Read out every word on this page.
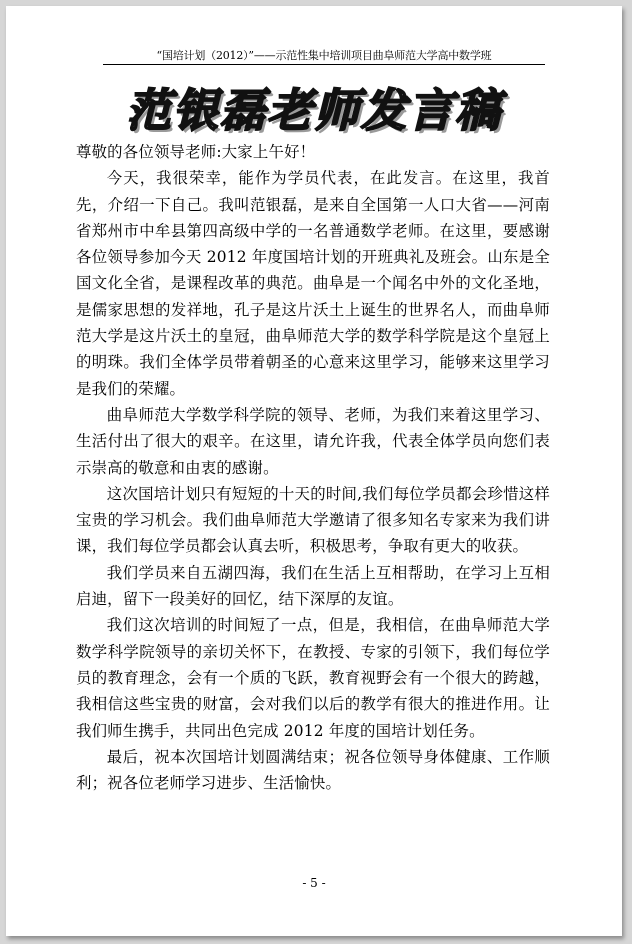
“国培计划（2012）”——示范性集中培训项目曲阜师范大学高中数学班
范银磊老师发言稿

尊敬的各位领导老师:大家上午好！

今天，我很荣幸，能作为学员代表，在此发言。在这里，我首先，介绍一下自己。我叫范银磊，是来自全国第一人口大省——河南省郑州市中牟县第四高级中学的一名普通数学老师。在这里，要感谢各位领导参加今天 2012 年度国培计划的开班典礼及班会。山东是全国文化全省，是课程改革的典范。曲阜是一个闻名中外的文化圣地，是儒家思想的发祥地，孔子是这片沃土上诞生的世界名人，而曲阜师范大学是这片沃土的皇冠，曲阜师范大学的数学科学院是这个皇冠上的明珠。我们全体学员带着朝圣的心意来这里学习，能够来这里学习是我们的荣耀。

曲阜师范大学数学科学院的领导、老师，为我们来着这里学习、生活付出了很大的艰辛。在这里，请允许我，代表全体学员向您们表示崇高的敬意和由衷的感谢。

这次国培计划只有短短的十天的时间,我们每位学员都会珍惜这样宝贵的学习机会。我们曲阜师范大学邀请了很多知名专家来为我们讲课，我们每位学员都会认真去听，积极思考，争取有更大的收获。

我们学员来自五湖四海，我们在生活上互相帮助，在学习上互相启迪，留下一段美好的回忆，结下深厚的友谊。

我们这次培训的时间短了一点，但是，我相信，在曲阜师范大学数学科学院领导的亲切关怀下，在教授、专家的引领下，我们每位学员的教育理念，会有一个质的飞跃，教育视野会有一个很大的跨越，我相信这些宝贵的财富，会对我们以后的教学有很大的推进作用。让我们师生携手，共同出色完成 2012 年度的国培计划任务。

最后，祝本次国培计划圆满结束；祝各位领导身体健康、工作顺利；祝各位老师学习进步、生活愉快。

- 5 -
